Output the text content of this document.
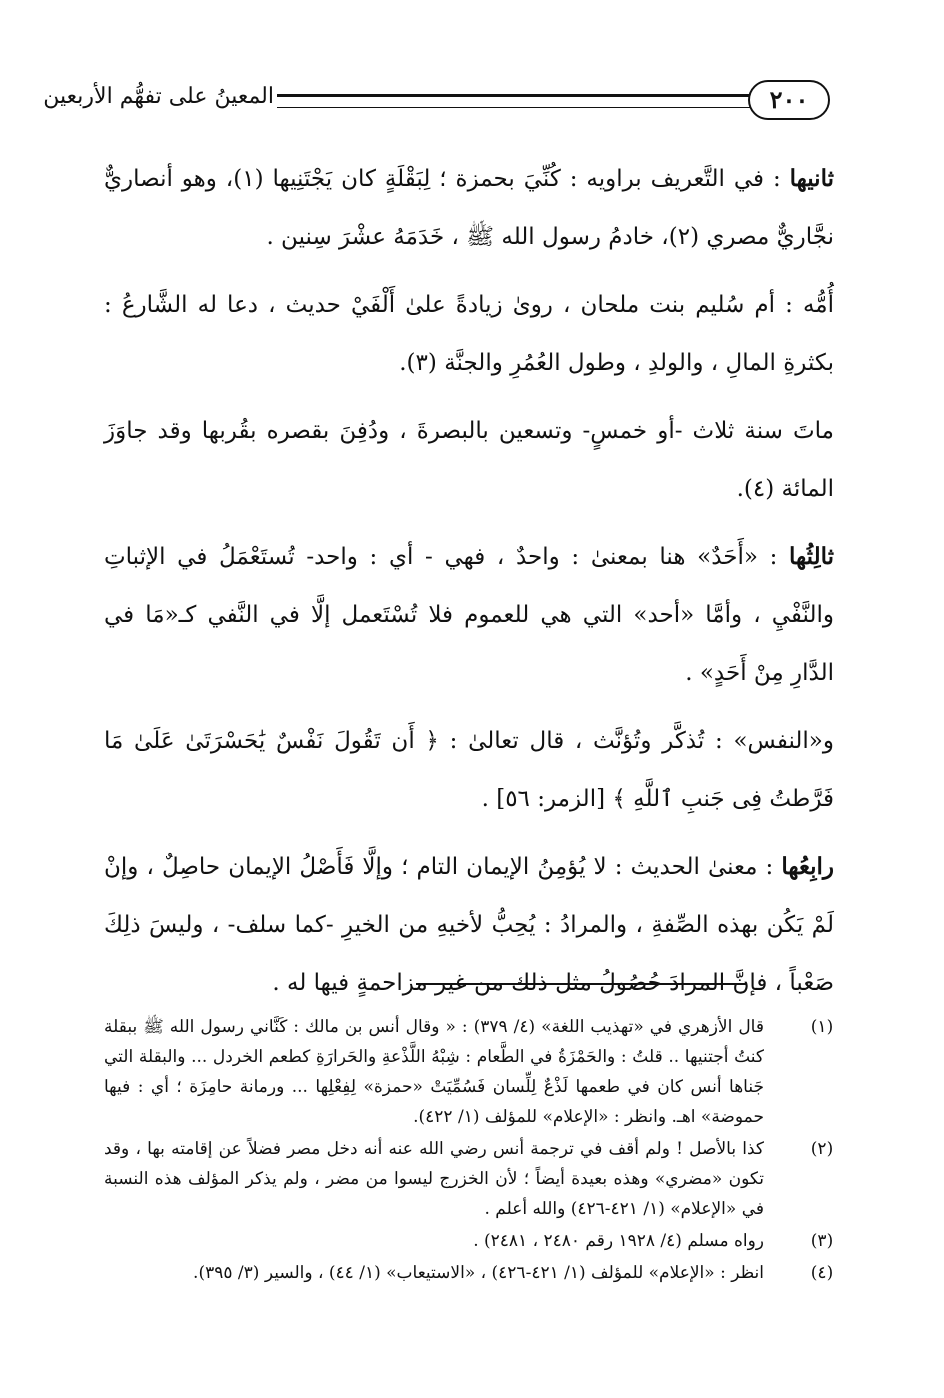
٢٠٠
المعينُ على تفهُّم الأربعين

ثانيها : في التَّعريف براويه : كُنِّيَ بحمزة ؛ لِبَقْلَةٍ كان يَجْتَنِيها (١)، وهو أنصاريٌّ نجَّاريٌّ مصري (٢)، خادمُ رسول الله ﷺ ، خَدَمَهُ عشْرَ سِنين .

أُمُّه : أم سُليم بنت ملحان ، روىٰ زيادةً علىٰ أَلْفَيْ حديث ، دعا له الشَّارعُ : بكثرةِ المالِ ، والولدِ ، وطول العُمُرِ والجنَّة (٣).

ماتَ سنة ثلاث -أو خمسٍ- وتسعين بالبصرةَ ، ودُفِنَ بقصره بقُربها وقد جاوَزَ المائة (٤).

ثالِثُها : «أَحَدٌ» هنا بمعنىٰ : واحدٌ ، فهي - أي : واحد- تُستَعْمَلُ في الإثباتِ والنَّفْيِ ، وأمَّا «أحد» التي هي للعموم فلا تُسْتَعمل إلَّا في النَّفي كـ«مَا في الدَّارِ مِنْ أَحَدٍ» .

و«النفس» : تُذكَّر وتُؤنَّث ، قال تعالىٰ : ﴿ أَن تَقُولَ نَفْسٌ يَٰحَسْرَتَىٰ عَلَىٰ مَا فَرَّطتُ فِى جَنبِ ٱللَّهِ ﴾ [الزمر: ٥٦] .

رابِعُها : معنىٰ الحديث : لا يُؤمِنُ الإيمان التام ؛ وإلَّا فَأَصْلُ الإيمان حاصِلٌ ، وإنْ لَمْ يَكُن بهذه الصِّفةِ ، والمرادُ : يُحِبُّ لأخيهِ من الخيرِ -كما سلف- ، وليسَ ذلِكَ صَعْباً ، فإنَّ المرادَ حُصُولُ مثل ذلك من غير مزاحمةٍ فيها له .

(١)
قال الأزهري في «تهذيب اللغة» (٤/ ٣٧٩) : « وقال أنس بن مالك : كَنَّاني رسول الله ﷺ ببقلة كنتُ أجتنيها .. قلتُ : والحَمْزَةُ في الطَّعام : شِبْهُ اللَّذْعةِ والحَرارَةِ كطعم الخردل ... والبقلة التي جَناها أنس كان في طعمها لَذْعٌ لِلِّسان فَسُمِّيَتْ «حمزة» لِفِعْلِها ... ورمانة حامِزَة ؛ أي : فيها حموضة» اهـ. وانظر : «الإعلام» للمؤلف (١/ ٤٢٢).
(٢)
كذا بالأصل ! ولم أقف في ترجمة أنس رضي الله عنه أنه دخل مصر فضلاً عن إقامته بها ، وقد تكون «مضري» وهذه بعيدة أيضاً ؛ لأن الخزرج ليسوا من مضر ، ولم يذكر المؤلف هذه النسبة في «الإعلام» (١/ ٤٢١-٤٢٦) والله أعلم .
(٣)
رواه مسلم (٤/ ١٩٢٨ رقم ٢٤٨٠ ، ٢٤٨١) .
(٤)
انظر : «الإعلام» للمؤلف (١/ ٤٢١-٤٢٦) ، «الاستيعاب» (١/ ٤٤) ، والسير (٣/ ٣٩٥).
